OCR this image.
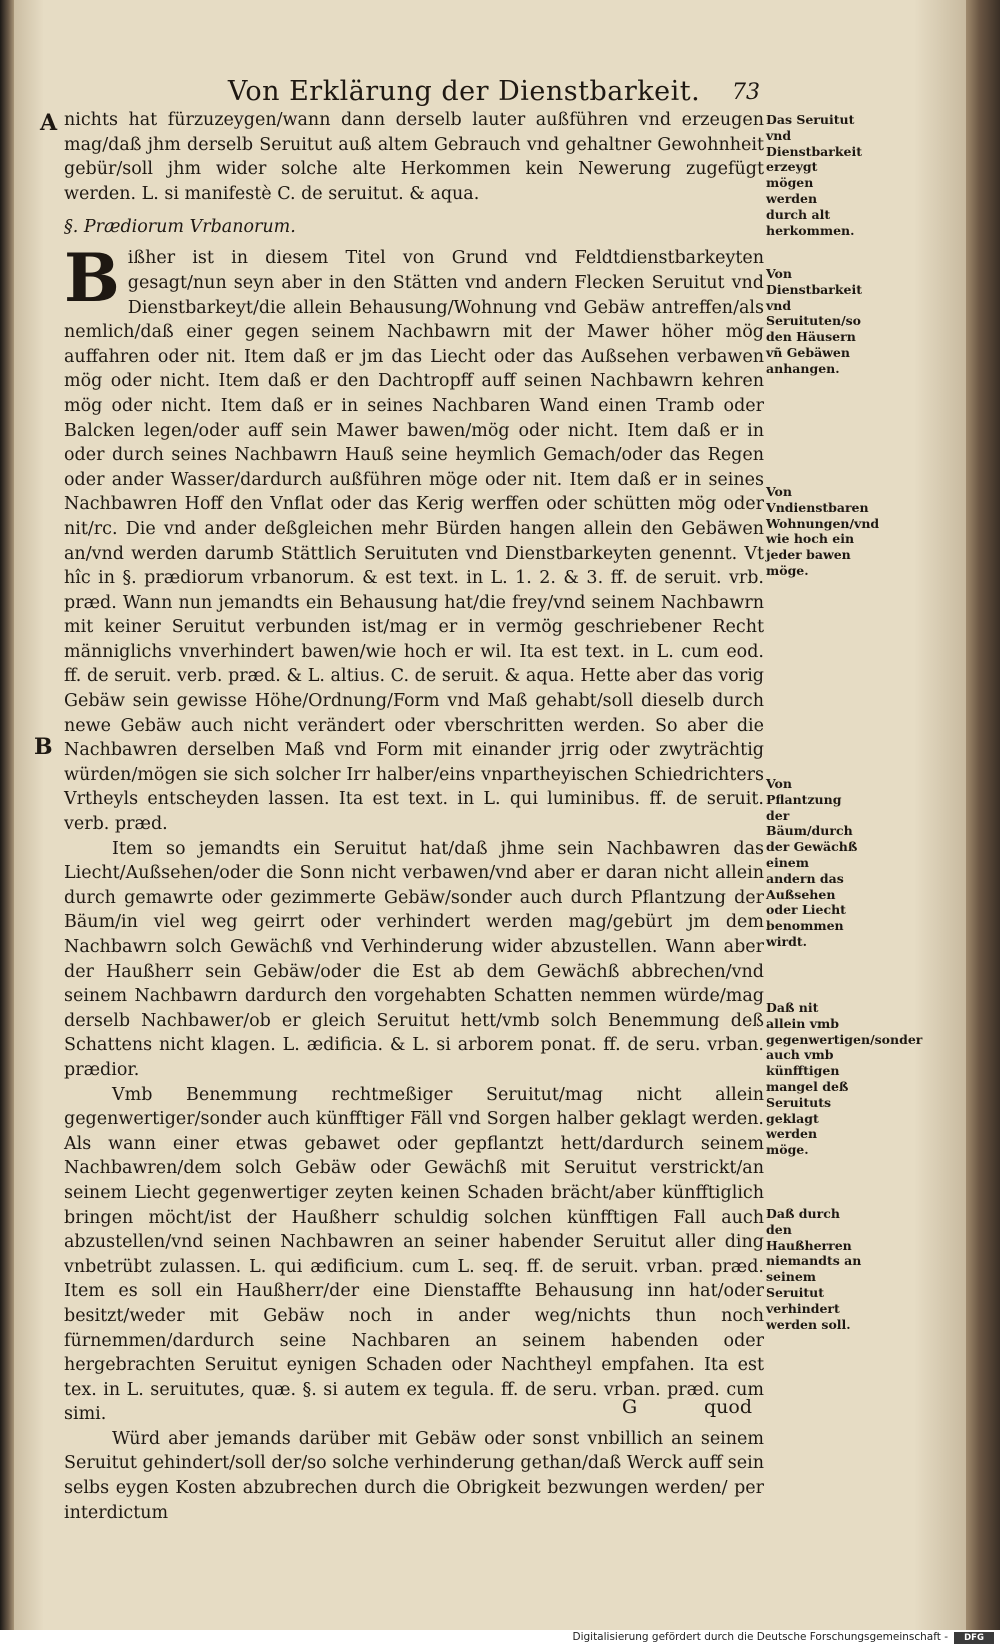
Von Erklärung der Dienstbarkeit.	73
A
B

nichts hat fürzuzeygen/wann dann derselb lauter außführen vnd erzeugen mag/daß jhm derselb Seruitut auß altem Gebrauch vnd gehaltner Gewohnheit gebür/soll jhm wider solche alte Herkommen kein Newerung zugefügt werden. L. si manifestè C. de seruitut. & aqua.

§. Prædiorum Vrbanorum.

Bißher ist in diesem Titel von Grund vnd Feldtdienstbarkeyten gesagt/nun seyn aber in den Stätten vnd andern Flecken Seruitut vnd Dienstbarkeyt/die allein Behausung/Wohnung vnd Gebäw antreffen/als nemlich/daß einer gegen seinem Nachbawrn mit der Mawer höher mög auffahren oder nit. Item daß er jm das Liecht oder das Außsehen verbawen mög oder nicht. Item daß er den Dachtropff auff seinen Nachbawrn kehren mög oder nicht. Item daß er in seines Nachbaren Wand einen Tramb oder Balcken legen/oder auff sein Mawer bawen/mög oder nicht. Item daß er in oder durch seines Nachbawrn Hauß seine heymlich Gemach/oder das Regen oder ander Wasser/dardurch außführen möge oder nit. Item daß er in seines Nachbawren Hoff den Vnflat oder das Kerig werffen oder schütten mög oder nit/rc. Die vnd ander deßgleichen mehr Bürden hangen allein den Gebäwen an/vnd werden darumb Stättlich Seruituten vnd Dienstbarkeyten genennt. Vt hîc in §. prædiorum vrbanorum. & est text. in L. 1. 2. & 3. ff. de seruit. vrb. præd. Wann nun jemandts ein Behausung hat/die frey/vnd seinem Nachbawrn mit keiner Seruitut verbunden ist/mag er in vermög geschriebener Recht männiglichs vnverhindert bawen/wie hoch er wil. Ita est text. in L. cum eod. ff. de seruit. verb. præd. & L. altius. C. de seruit. & aqua. Hette aber das vorig Gebäw sein gewisse Höhe/Ordnung/Form vnd Maß gehabt/soll dieselb durch newe Gebäw auch nicht verändert oder vberschritten werden. So aber die Nachbawren derselben Maß vnd Form mit einander jrrig oder zwytrӓchtig würden/mögen sie sich solcher Irr halber/eins vnpartheyischen Schiedrichters Vrtheyls entscheyden lassen. Ita est text. in L. qui luminibus. ff. de seruit. verb. præd.

Item so jemandts ein Seruitut hat/daß jhme sein Nachbawren das Liecht/Außsehen/oder die Sonn nicht verbawen/vnd aber er daran nicht allein durch gemawrte oder gezimmerte Gebäw/sonder auch durch Pflantzung der Bäum/in viel weg geirrt oder verhindert werden mag/gebürt jm dem Nachbawrn solch Gewächß vnd Verhinderung wider abzustellen. Wann aber der Haußherr sein Gebäw/oder die Est ab dem Gewächß abbrechen/vnd seinem Nachbawrn dardurch den vorgehabten Schatten nemmen würde/mag derselb Nachbawer/ob er gleich Seruitut hett/vmb solch Benemmung deß Schattens nicht klagen. L. ædificia. & L. si arborem ponat. ff. de seru. vrban. prædior.

Vmb Benemmung rechtmeßiger Seruitut/mag nicht allein gegenwertiger/sonder auch künfftiger Fäll vnd Sorgen halber geklagt werden. Als wann einer etwas gebawet oder gepflantzt hett/dardurch seinem Nachbawren/dem solch Gebäw oder Gewächß mit Seruitut verstrickt/an seinem Liecht gegenwertiger zeyten keinen Schaden brächt/aber künfftiglich bringen möcht/ist der Haußherr schuldig solchen künfftigen Fall auch abzustellen/vnd seinen Nachbawren an seiner habender Seruitut aller ding vnbetrübt zulassen. L. qui ædificium. cum L. seq. ff. de seruit. vrban. præd. Item es soll ein Haußherr/der eine Dienstaffte Behausung inn hat/oder besitzt/weder mit Gebäw noch in ander weg/nichts thun noch fürnemmen/dardurch seine Nachbaren an seinem habenden oder hergebrachten Seruitut eynigen Schaden oder Nachtheyl empfahen. Ita est tex. in L. seruitutes, quæ. §. si autem ex tegula. ff. de seru. vrban. præd. cum simi.

Würd aber jemands darüber mit Gebäw oder sonst vnbillich an seinem Seruitut gehindert/soll der/so solche verhinderung gethan/daß Werck auff sein selbs eygen Kosten abzubrechen durch die Obrigkeit bezwungen werden/ per interdictum

Das Seruitut vnd Dienstbarkeit erzeygt mögen werden durch alt herkommen.
Von Dienstbarkeit vnd Seruituten/so den Häusern vñ Gebäwen anhangen.
Von Vndienstbaren Wohnungen/vnd wie hoch ein jeder bawen möge.
Von Pflantzung der Bäum/durch der Gewächß einem andern das Außsehen oder Liecht benommen wirdt.
Daß nit allein vmb gegenwertigen/sonder auch vmb künfftigen mangel deß Seruituts geklagt werden möge.
Daß durch den Haußherren niemandts an seinem Seruitut verhindert werden soll.
G	quod
Digitalisierung gefördert durch die Deutsche Forschungsgemeinschaft -	DFG
